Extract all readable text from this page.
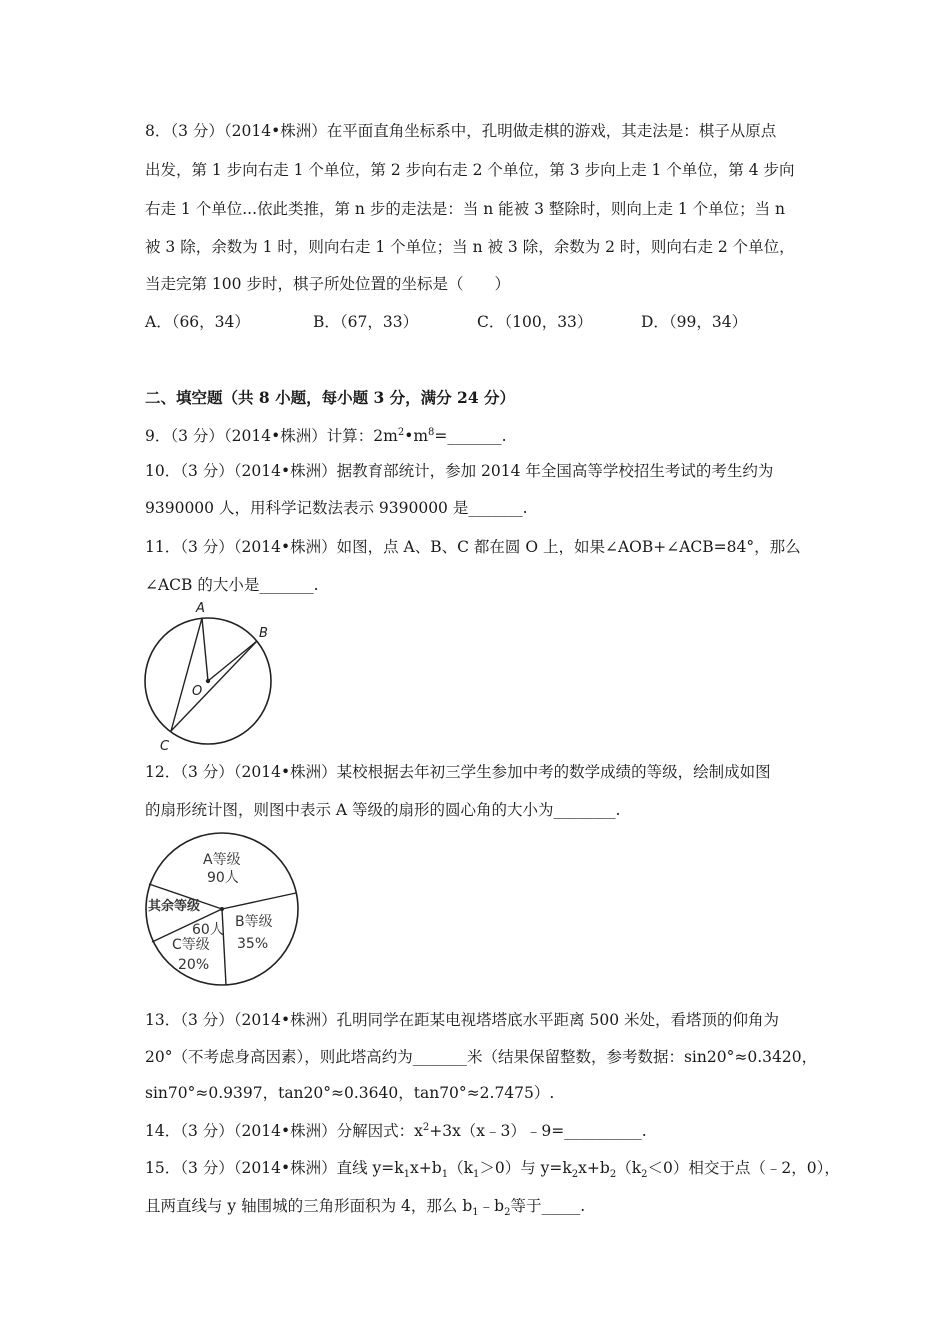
8．（3 分）（2014•株洲）在平面直角坐标系中，孔明做走棋的游戏，其走法是：棋子从原点
出发，第 1 步向右走 1 个单位，第 2 步向右走 2 个单位，第 3 步向上走 1 个单位，第 4 步向
右走 1 个单位...依此类推，第 n 步的走法是：当 n 能被 3 整除时，则向上走 1 个单位；当 n
被 3 除，余数为 1 时，则向右走 1 个单位；当 n 被 3 除，余数为 2 时，则向右走 2 个单位，
当走完第 100 步时，棋子所处位置的坐标是（　　）
A．（66，34）	B．（67，33）	C．（100，33）	D．（99，34）
二、填空题（共 8 小题，每小题 3 分，满分 24 分）
9．（3 分）（2014•株洲）计算：$2m^2•m^8=\_\_\_\_\_\_\_$.
10．（3 分）（2014•株洲）据教育部统计，参加 2014 年全国高等学校招生考试的考生约为
9390000 人，用科学记数法表示 9390000 是_______.
11．（3 分）（2014•株洲）如图，点 A、B、C 都在圆 O 上，如果∠AOB+∠ACB=84°，那么
∠ACB 的大小是_______.
A
B
C
O
12．（3 分）（2014•株洲）某校根据去年初三学生参加中考的数学成绩的等级，绘制成如图
的扇形统计图，则图中表示 A 等级的扇形的圆心角的大小为________.
A等级
90人
其余等级
60人
C等级
20%
B等级
35%
13．（3 分）（2014•株洲）孔明同学在距某电视塔塔底水平距离 500 米处，看塔顶的仰角为
20°（不考虑身高因素），则此塔高约为_______米（结果保留整数，参考数据：sin20°≈0.3420，
sin70°≈0.9397，tan20°≈0.3640，tan70°≈2.7475）.
14．（3 分）（2014•株洲）分解因式：$x^2+3x(x﹣3)﹣9=\_\_\_\_\_\_\_\_\_\_$.
15．（3 分）（2014•株洲）直线 $y=k_1x+b_1(k_1>0)$与 $y=k_2x+b_2(k_2<0)$相交于点（﹣2，0），
且两直线与 y 轴围城的三角形面积为 4，那么 $b_1﹣b_2$等于_____.
